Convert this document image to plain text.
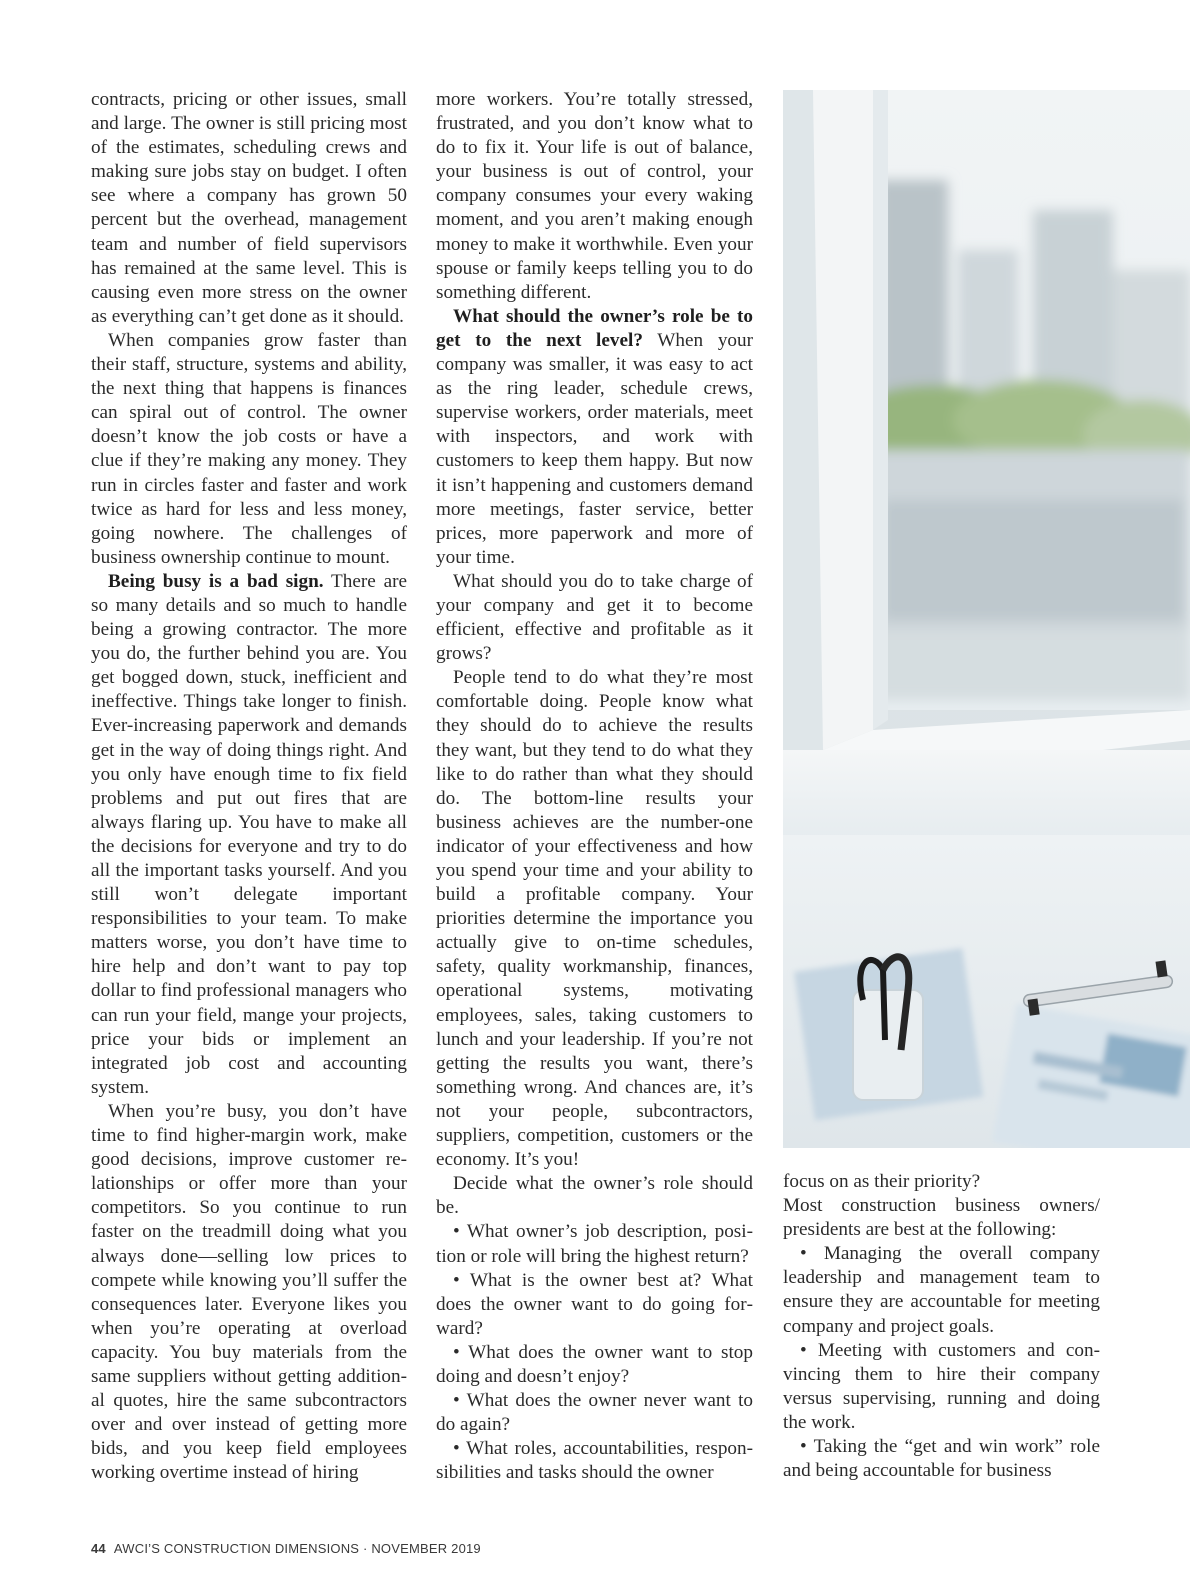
contracts, pricing or other issues, small and large. The owner is still pricing most of the estimates, scheduling crews and making sure jobs stay on budget. I often see where a company has grown 50 percent but the overhead, management team and number of field supervisors has remained at the same level. This is causing even more stress on the owner as everything can’t get done as it should.

When companies grow faster than their staff, structure, systems and ability, the next thing that happens is finances can spiral out of control. The owner doesn’t know the job costs or have a clue if they’re making any money. They run in circles faster and faster and work twice as hard for less and less money, going nowhere. The challenges of business ownership continue to mount.

Being busy is a bad sign. There are so many details and so much to handle being a growing contractor. The more you do, the further behind you are. You get bogged down, stuck, inefficient and ineffective. Things take longer to finish. Ever-increasing paperwork and demands get in the way of doing things right. And you only have enough time to fix field problems and put out fires that are always flaring up. You have to make all the decisions for everyone and try to do all the important tasks yourself. And you still won’t delegate important responsibilities to your team. To make matters worse, you don’t have time to hire help and don’t want to pay top dollar to find professional managers who can run your field, mange your projects, price your bids or implement an integrated job cost and accounting system.

When you’re busy, you don’t have time to find higher-margin work, make good decisions, improve customer relationships or offer more than your competitors. So you continue to run faster on the treadmill doing what you always done—selling low prices to compete while knowing you’ll suffer the consequences later. Everyone likes you when you’re operating at overload capacity. You buy materials from the same suppliers without getting additional quotes, hire the same subcontractors over and over instead of getting more bids, and you keep field employees working overtime instead of hiring

more workers. You’re totally stressed, frustrated, and you don’t know what to do to fix it. Your life is out of balance, your business is out of control, your company consumes your every waking moment, and you aren’t making enough money to make it worthwhile. Even your spouse or family keeps telling you to do something different.

What should the owner’s role be to get to the next level? When your company was smaller, it was easy to act as the ring leader, schedule crews, supervise workers, order materials, meet with inspectors, and work with customers to keep them happy. But now it isn’t happening and customers demand more meetings, faster service, better prices, more paperwork and more of your time.

What should you do to take charge of your company and get it to become efficient, effective and profitable as it grows?

People tend to do what they’re most comfortable doing. People know what they should do to achieve the results they want, but they tend to do what they like to do rather than what they should do. The bottom-line results your business achieves are the number-one indicator of your effectiveness and how you spend your time and your ability to build a profitable company. Your priorities determine the importance you actually give to on-time schedules, safety, quality workmanship, finances, operational systems, motivating employees, sales, taking customers to lunch and your leadership. If you’re not getting the results you want, there’s something wrong. And chances are, it’s not your people, subcontractors, suppliers, competition, customers or the economy. It’s you!

Decide what the owner’s role should be.

• What owner’s job description, position or role will bring the highest return?

• What is the owner best at? What does the owner want to do going forward?

• What does the owner want to stop doing and doesn’t enjoy?

• What does the owner never want to do again?

• What roles, accountabilities, responsibilities and tasks should the owner

focus on as their priority?

Most construction business owners/ presidents are best at the following:

• Managing the overall company leadership and management team to ensure they are accountable for meeting company and project goals.

• Meeting with customers and convincing them to hire their company versus supervising, running and doing the work.

• Taking the “get and win work” role and being accountable for business

44 AWCI’S CONSTRUCTION DIMENSIONS · NOVEMBER 2019
